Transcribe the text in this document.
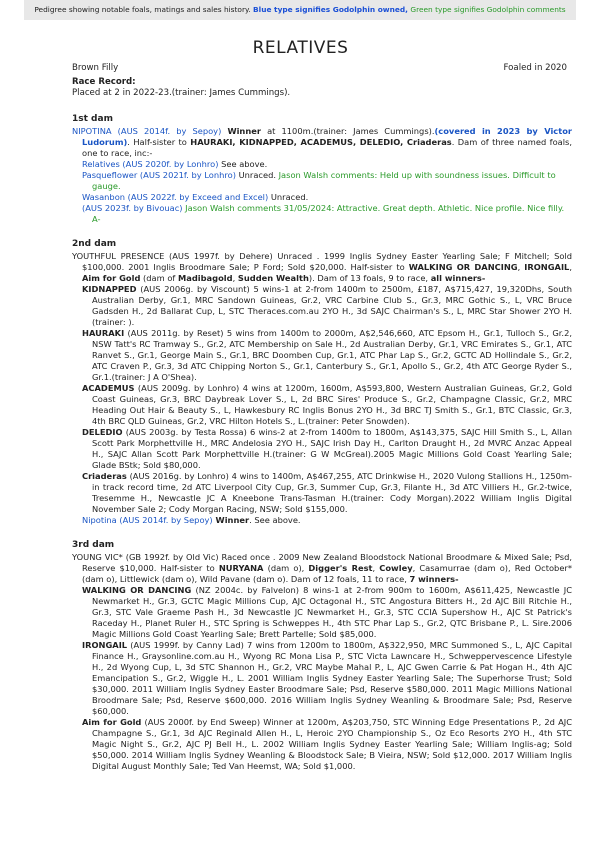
Pedigree showing notable foals, matings and sales history. Blue type signifies Godolphin owned, Green type signifies Godolphin comments
RELATIVES
Brown Filly	Foaled in 2020
Race Record:
Placed at 2 in 2022-23.(trainer: James Cummings).
1st dam
NIPOTINA (AUS 2014f. by Sepoy) Winner at 1100m.(trainer: James Cummings).(covered in 2023 by Victor Ludorum). Half-sister to HAURAKI, KIDNAPPED, ACADEMUS, DELEDIO, Criaderas. Dam of three named foals, one to race, inc:-
Relatives (AUS 2020f. by Lonhro) See above.
Pasqueflower (AUS 2021f. by Lonhro) Unraced. Jason Walsh comments: Held up with soundness issues. Difficult to gauge.
Wasanbon (AUS 2022f. by Exceed and Excel) Unraced.
(AUS 2023f. by Bivouac) Jason Walsh comments 31/05/2024: Attractive. Great depth. Athletic. Nice profile. Nice filly. A-
2nd dam
YOUTHFUL PRESENCE (AUS 1997f. by Dehere) Unraced . 1999 Inglis Sydney Easter Yearling Sale; F Mitchell; Sold $100,000. 2001 Inglis Broodmare Sale; P Ford; Sold $20,000. Half-sister to WALKING OR DANCING, IRONGAIL, Aim for Gold (dam of Madibagold, Sudden Wealth). Dam of 13 foals, 9 to race, all winners-
KIDNAPPED (AUS 2006g. by Viscount) 5 wins-1 at 2-from 1400m to 2500m, £187, A$715,427, 19,320Dhs, South Australian Derby, Gr.1, MRC Sandown Guineas, Gr.2, VRC Carbine Club S., Gr.3, MRC Gothic S., L, VRC Bruce Gadsden H., 2d Ballarat Cup, L, STC Theraces.com.au 2YO H., 3d SAJC Chairman's S., L, MRC Star Shower 2YO H.(trainer: ).
HAURAKI (AUS 2011g. by Reset) 5 wins from 1400m to 2000m, A$2,546,660, ATC Epsom H., Gr.1, Tulloch S., Gr.2, NSW Tatt's RC Tramway S., Gr.2, ATC Membership on Sale H., 2d Australian Derby, Gr.1, VRC Emirates S., Gr.1, ATC Ranvet S., Gr.1, George Main S., Gr.1, BRC Doomben Cup, Gr.1, ATC Phar Lap S., Gr.2, GCTC AD Hollindale S., Gr.2, ATC Craven P., Gr.3, 3d ATC Chipping Norton S., Gr.1, Canterbury S., Gr.1, Apollo S., Gr.2, 4th ATC George Ryder S., Gr.1.(trainer: J A O'Shea).
ACADEMUS (AUS 2009g. by Lonhro) 4 wins at 1200m, 1600m, A$593,800, Western Australian Guineas, Gr.2, Gold Coast Guineas, Gr.3, BRC Daybreak Lover S., L, 2d BRC Sires' Produce S., Gr.2, Champagne Classic, Gr.2, MRC Heading Out Hair & Beauty S., L, Hawkesbury RC Inglis Bonus 2YO H., 3d BRC TJ Smith S., Gr.1, BTC Classic, Gr.3, 4th BRC QLD Guineas, Gr.2, VRC Hilton Hotels S., L.(trainer: Peter Snowden).
DELEDIO (AUS 2003g. by Testa Rossa) 6 wins-2 at 2-from 1400m to 1800m, A$143,375, SAJC Hill Smith S., L, Allan Scott Park Morphettville H., MRC Andelosia 2YO H., SAJC Irish Day H., Carlton Draught H., 2d MVRC Anzac Appeal H., SAJC Allan Scott Park Morphettville H.(trainer: G W McGreal).2005 Magic Millions Gold Coast Yearling Sale; Glade BStk; Sold $80,000.
Criaderas (AUS 2016g. by Lonhro) 4 wins to 1400m, A$467,255, ATC Drinkwise H., 2020 Vulong Stallions H., 1250m-in track record time, 2d ATC Liverpool City Cup, Gr.3, Summer Cup, Gr.3, Filante H., 3d ATC Villiers H., Gr.2-twice, Tresemme H., Newcastle JC A Kneebone Trans-Tasman H.(trainer: Cody Morgan).2022 William Inglis Digital November Sale 2; Cody Morgan Racing, NSW; Sold $155,000.
Nipotina (AUS 2014f. by Sepoy) Winner. See above.
3rd dam
YOUNG VIC* (GB 1992f. by Old Vic) Raced once . 2009 New Zealand Bloodstock National Broodmare & Mixed Sale; Psd, Reserve $10,000. Half-sister to NURYANA (dam o), Digger's Rest, Cowley, Casamurrae (dam o), Red October* (dam o), Littlewick (dam o), Wild Pavane (dam o). Dam of 12 foals, 11 to race, 7 winners-
WALKING OR DANCING (NZ 2004c. by Falvelon) 8 wins-1 at 2-from 900m to 1600m, A$611,425, Newcastle JC Newmarket H., Gr.3, GCTC Magic Millions Cup, AJC Octagonal H., STC Angostura Bitters H., 2d AJC Bill Ritchie H., Gr.3, STC Vale Graeme Pash H., 3d Newcastle JC Newmarket H., Gr.3, STC CCIA Supershow H., AJC St Patrick's Raceday H., Planet Ruler H., STC Spring is Schweppes H., 4th STC Phar Lap S., Gr.2, QTC Brisbane P., L. Sire.2006 Magic Millions Gold Coast Yearling Sale; Brett Partelle; Sold $85,000.
IRONGAIL (AUS 1999f. by Canny Lad) 7 wins from 1200m to 1800m, A$322,950, MRC Summoned S., L, AJC Capital Finance H., Graysonline.com.au H., Wyong RC Mona Lisa P., STC Victa Lawncare H., Schweppervescence Lifestyle H., 2d Wyong Cup, L, 3d STC Shannon H., Gr.2, VRC Maybe Mahal P., L, AJC Gwen Carrie & Pat Hogan H., 4th AJC Emancipation S., Gr.2, Wiggle H., L. 2001 William Inglis Sydney Easter Yearling Sale; The Superhorse Trust; Sold $30,000. 2011 William Inglis Sydney Easter Broodmare Sale; Psd, Reserve $580,000. 2011 Magic Millions National Broodmare Sale; Psd, Reserve $600,000. 2016 William Inglis Sydney Weanling & Broodmare Sale; Psd, Reserve $60,000.
Aim for Gold (AUS 2000f. by End Sweep) Winner at 1200m, A$203,750, STC Winning Edge Presentations P., 2d AJC Champagne S., Gr.1, 3d AJC Reginald Allen H., L, Heroic 2YO Championship S., Oz Eco Resorts 2YO H., 4th STC Magic Night S., Gr.2, AJC PJ Bell H., L. 2002 William Inglis Sydney Easter Yearling Sale; William Inglis-ag; Sold $50,000. 2014 William Inglis Sydney Weanling & Bloodstock Sale; B Vieira, NSW; Sold $12,000. 2017 William Inglis Digital August Monthly Sale; Ted Van Heemst, WA; Sold $1,000.
